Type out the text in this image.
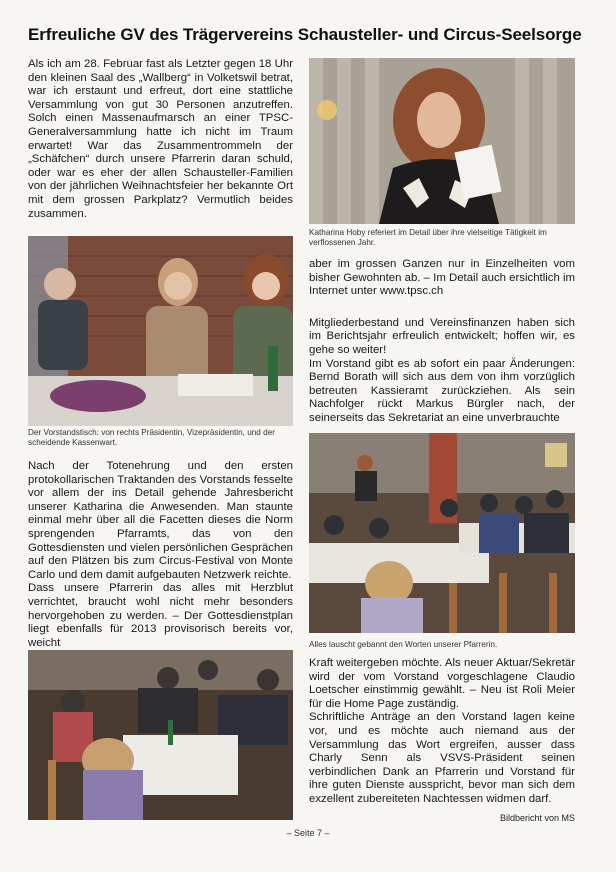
Erfreuliche GV des Trägervereins Schausteller- und Circus-Seelsorge

Als ich am 28. Februar fast als Letzter gegen 18 Uhr den kleinen Saal des „Wallberg“ in Volketswil betrat, war ich erstaunt und erfreut, dort eine stattliche Versammlung von gut 30 Personen anzutreffen. Solch einen Massenaufmarsch an einer TPSC-Generalversammlung hatte ich nicht im Traum erwartet! War das Zusammentrommeln der „Schäfchen“ durch unsere Pfarrerin daran schuld, oder war es eher der allen Schausteller-Familien von der jährlichen Weihnachtsfeier her bekannte Ort mit dem grossen Parkplatz? Vermutlich beides zusammen.

Der Vorstandstisch: von rechts Präsidentin, Vizepräsidentin, und der scheidende Kassenwart.

Nach der Totenehrung und den ersten protokollarischen Traktanden des Vorstands fesselte vor allem der ins Detail gehende Jahresbericht unserer Katharina die Anwesenden. Man staunte einmal mehr über all die Facetten dieses die Norm sprengenden Pfarramts, das von den Gottesdiensten und vielen persönlichen Gesprächen auf den Plätzen bis zum Circus-Festival von Monte Carlo und dem damit aufgebauten Netzwerk reichte.

Dass unsere Pfarrerin das alles mit Herzblut verrichtet, braucht wohl nicht mehr besonders hervorgehoben zu werden. – Der Gottesdienstplan liegt ebenfalls für 2013 provisorisch bereits vor, weicht

Katharina Hoby referiert im Detail über ihre vielseitige Tätigkeit im verflossenen Jahr.

aber im grossen Ganzen nur in Einzelheiten vom bisher Gewohnten ab. – Im Detail auch ersichtlich im Internet unter www.tpsc.ch

Mitgliederbestand und Vereinsfinanzen haben sich im Berichtsjahr erfreulich entwickelt; hoffen wir, es gehe so weiter!

Im Vorstand gibt es ab sofort ein paar Änderungen: Bernd Borath will sich aus dem von ihm vorzüglich betreuten Kassieramt zurückziehen. Als sein Nachfolger rückt Markus Bürgler nach, der seinerseits das Sekretariat an eine unverbrauchte

Alles lauscht gebannt den Worten unserer Pfarrerin.

Kraft weitergeben möchte. Als neuer Aktuar/Sekretär wird der vom Vorstand vorgeschlagene Claudio Loetscher einstimmig gewählt. – Neu ist Roli Meier für die Home Page zuständig.

Schriftliche Anträge an den Vorstand lagen keine vor, und es möchte auch niemand aus der Versammlung das Wort ergreifen, ausser dass Charly Senn als VSVS-Präsident seinen verbindlichen Dank an Pfarrerin und Vorstand für ihre guten Dienste ausspricht, bevor man sich dem exzellent zubereiteten Nachtessen widmen darf.

Bildbericht von MS
– Seite 7 –
